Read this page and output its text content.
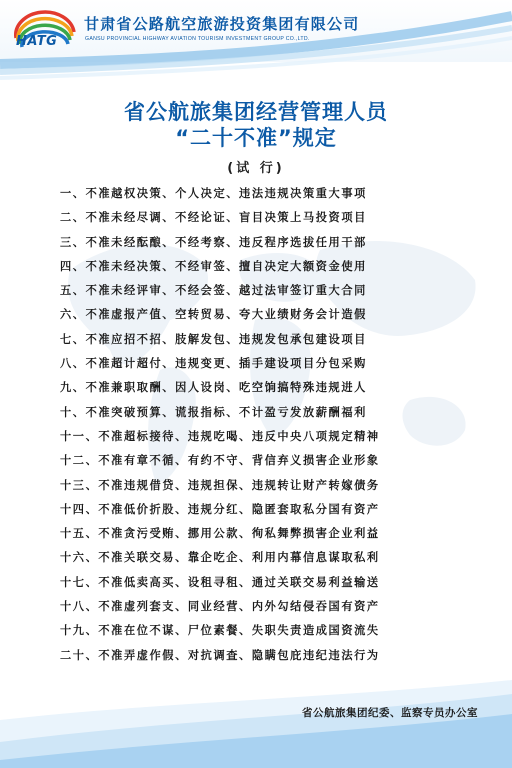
HATG
甘肃省公路航空旅游投资集团有限公司
GANSU PROVINCIAL HIGHWAY AVIATION TOURISM INVESTMENT GROUP CO.,LTD.
省公航旅集团经营管理人员
“二十不准”规定
(试 行)
一、不准越权决策、个人决定、违法违规决策重大事项
二、不准未经尽调、不经论证、盲目决策上马投资项目
三、不准未经酝酿、不经考察、违反程序选拔任用干部
四、不准未经决策、不经审签、擅自决定大额资金使用
五、不准未经评审、不经会签、越过法审签订重大合同
六、不准虚报产值、空转贸易、夸大业绩财务会计造假
七、不准应招不招、肢解发包、违规发包承包建设项目
八、不准超计超付、违规变更、插手建设项目分包采购
九、不准兼职取酬、因人设岗、吃空饷搞特殊违规进人
十、不准突破预算、谎报指标、不计盈亏发放薪酬福利
十一、不准超标接待、违规吃喝、违反中央八项规定精神
十二、不准有章不循、有约不守、背信弃义损害企业形象
十三、不准违规借贷、违规担保、违规转让财产转嫁债务
十四、不准低价折股、违规分红、隐匿套取私分国有资产
十五、不准贪污受贿、挪用公款、徇私舞弊损害企业利益
十六、不准关联交易、靠企吃企、利用内幕信息谋取私利
十七、不准低卖高买、设租寻租、通过关联交易利益输送
十八、不准虚列套支、同业经营、内外勾结侵吞国有资产
十九、不准在位不谋、尸位素餐、失职失责造成国资流失
二十、不准弄虚作假、对抗调查、隐瞒包庇违纪违法行为
省公航旅集团纪委、监察专员办公室
